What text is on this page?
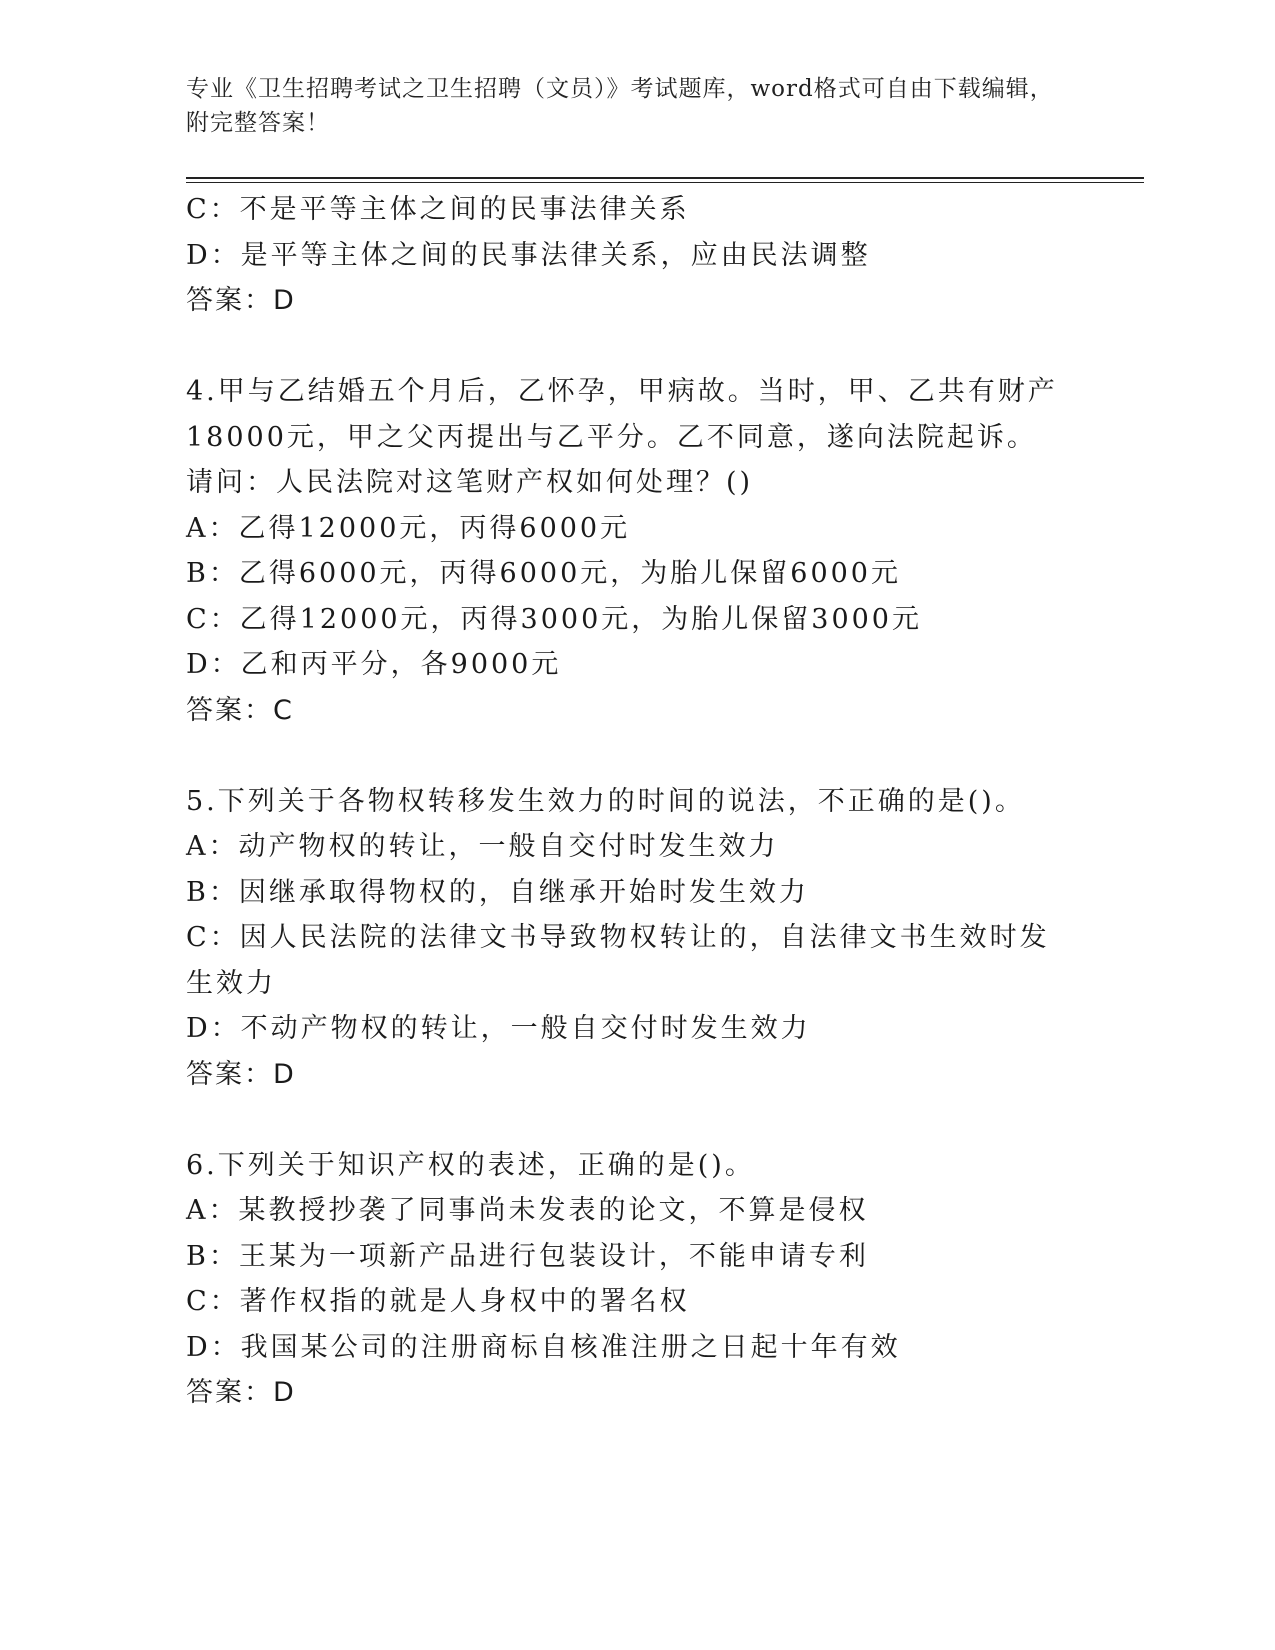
专业《卫生招聘考试之卫生招聘（文员）》考试题库，word格式可自由下载编辑，附完整答案！
C：不是平等主体之间的民事法律关系
D：是平等主体之间的民事法律关系，应由民法调整
答案：D
4.甲与乙结婚五个月后，乙怀孕，甲病故。当时，甲、乙共有财产18000元，甲之父丙提出与乙平分。乙不同意，遂向法院起诉。请问：人民法院对这笔财产权如何处理？()
A：乙得12000元，丙得6000元
B：乙得6000元，丙得6000元，为胎儿保留6000元
C：乙得12000元，丙得3000元，为胎儿保留3000元
D：乙和丙平分，各9000元
答案：C
5.下列关于各物权转移发生效力的时间的说法，不正确的是()。
A：动产物权的转让，一般自交付时发生效力
B：因继承取得物权的，自继承开始时发生效力
C：因人民法院的法律文书导致物权转让的，自法律文书生效时发生效力
D：不动产物权的转让，一般自交付时发生效力
答案：D
6.下列关于知识产权的表述，正确的是()。
A：某教授抄袭了同事尚未发表的论文，不算是侵权
B：王某为一项新产品进行包装设计，不能申请专利
C：著作权指的就是人身权中的署名权
D：我国某公司的注册商标自核准注册之日起十年有效
答案：D
